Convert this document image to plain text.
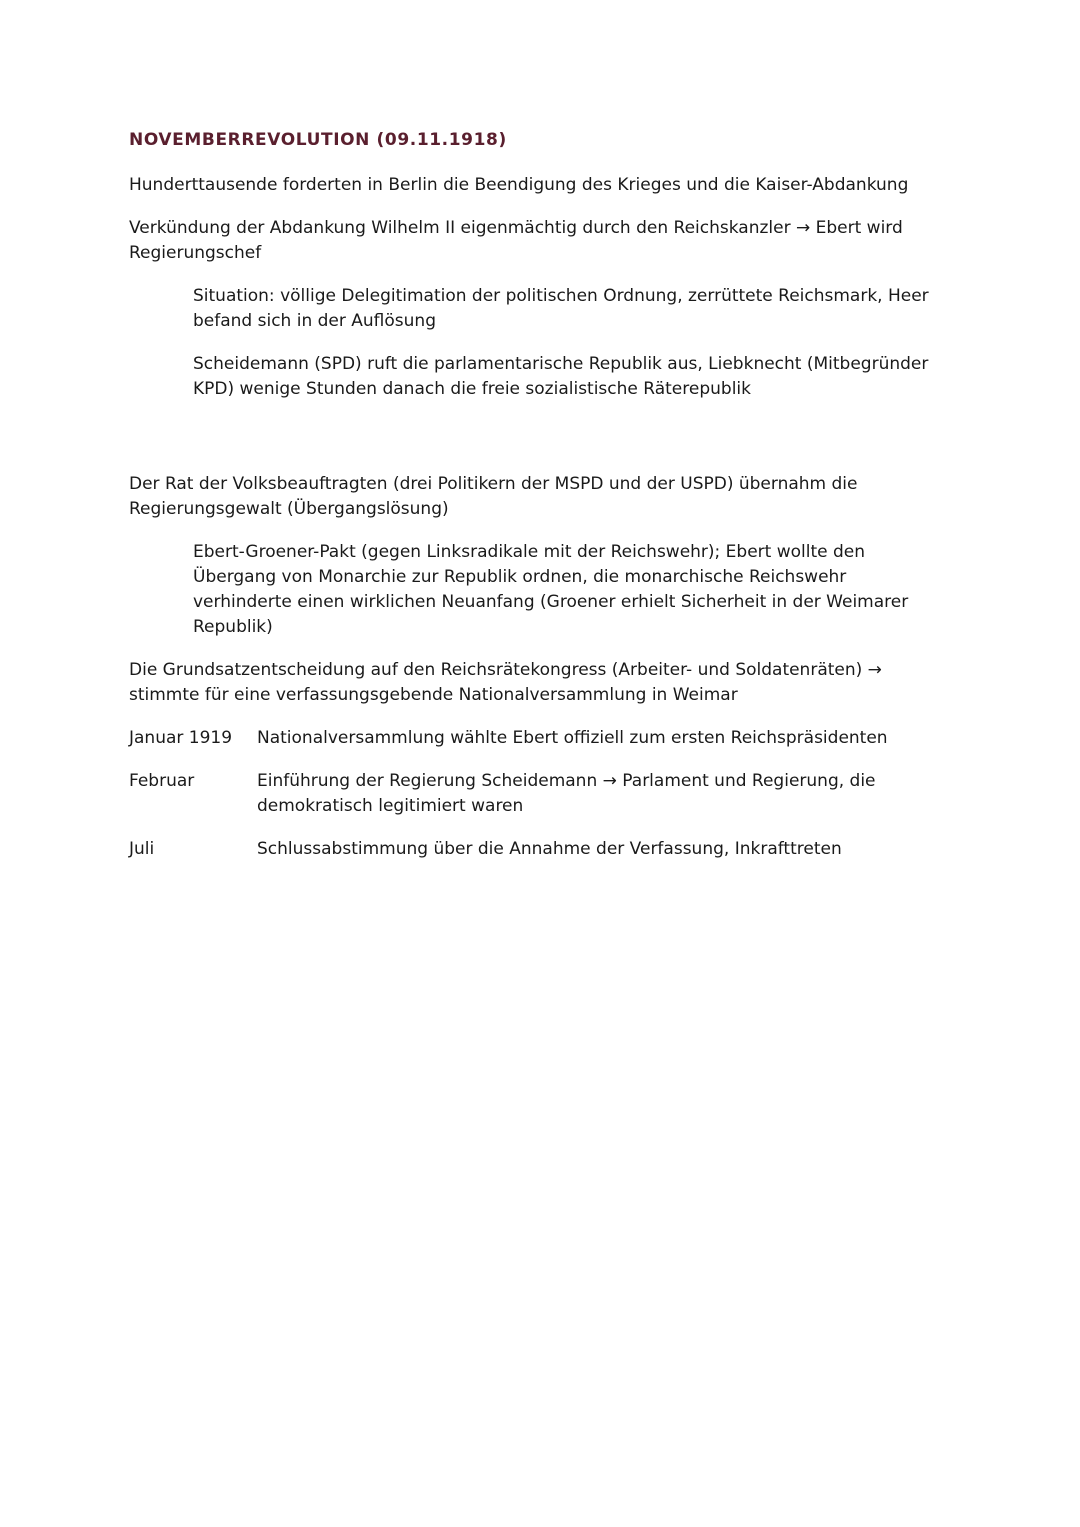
NOVEMBERREVOLUTION (09.11.1918)
Hunderttausende forderten in Berlin die Beendigung des Krieges und die Kaiser-Abdankung
Verkündung der Abdankung Wilhelm II eigenmächtig durch den Reichskanzler → Ebert wird Regierungschef
Situation: völlige Delegitimation der politischen Ordnung, zerrüttete Reichsmark, Heer befand sich in der Auflösung
Scheidemann (SPD) ruft die parlamentarische Republik aus, Liebknecht (Mitbegründer KPD) wenige Stunden danach die freie sozialistische Räterepublik
Der Rat der Volksbeauftragten (drei Politikern der MSPD und der USPD) übernahm die Regierungsgewalt (Übergangslösung)
Ebert-Groener-Pakt (gegen Linksradikale mit der Reichswehr); Ebert wollte den Übergang von Monarchie zur Republik ordnen, die monarchische Reichswehr verhinderte einen wirklichen Neuanfang (Groener erhielt Sicherheit in der Weimarer Republik)
Die Grundsatzentscheidung auf den Reichsrätekongress (Arbeiter- und Soldatenräten) → stimmte für eine verfassungsgebende Nationalversammlung in Weimar
Januar 1919	Nationalversammlung wählte Ebert offiziell zum ersten Reichspräsidenten
Februar	Einführung der Regierung Scheidemann → Parlament und Regierung, die demokratisch legitimiert waren
Juli	Schlussabstimmung über die Annahme der Verfassung, Inkrafttreten
